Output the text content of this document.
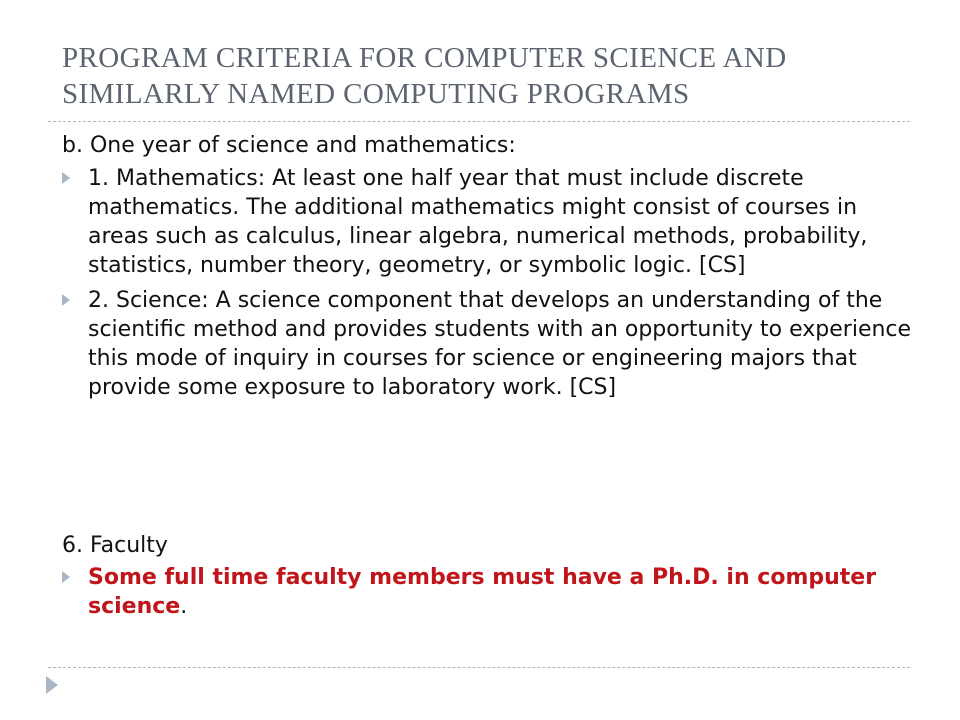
PROGRAM CRITERIA FOR COMPUTER SCIENCE AND SIMILARLY NAMED COMPUTING PROGRAMS

b. One year of science and mathematics:

1. Mathematics: At least one half year that must include discrete mathematics. The additional mathematics might consist of courses in areas such as calculus, linear algebra, numerical methods, probability, statistics, number theory, geometry, or symbolic logic. [CS]
2. Science: A science component that develops an understanding of the scientific method and provides students with an opportunity to experience this mode of inquiry in courses for science or engineering majors that provide some exposure to laboratory work. [CS]

6. Faculty

Some full time faculty members must have a Ph.D. in computer science.
